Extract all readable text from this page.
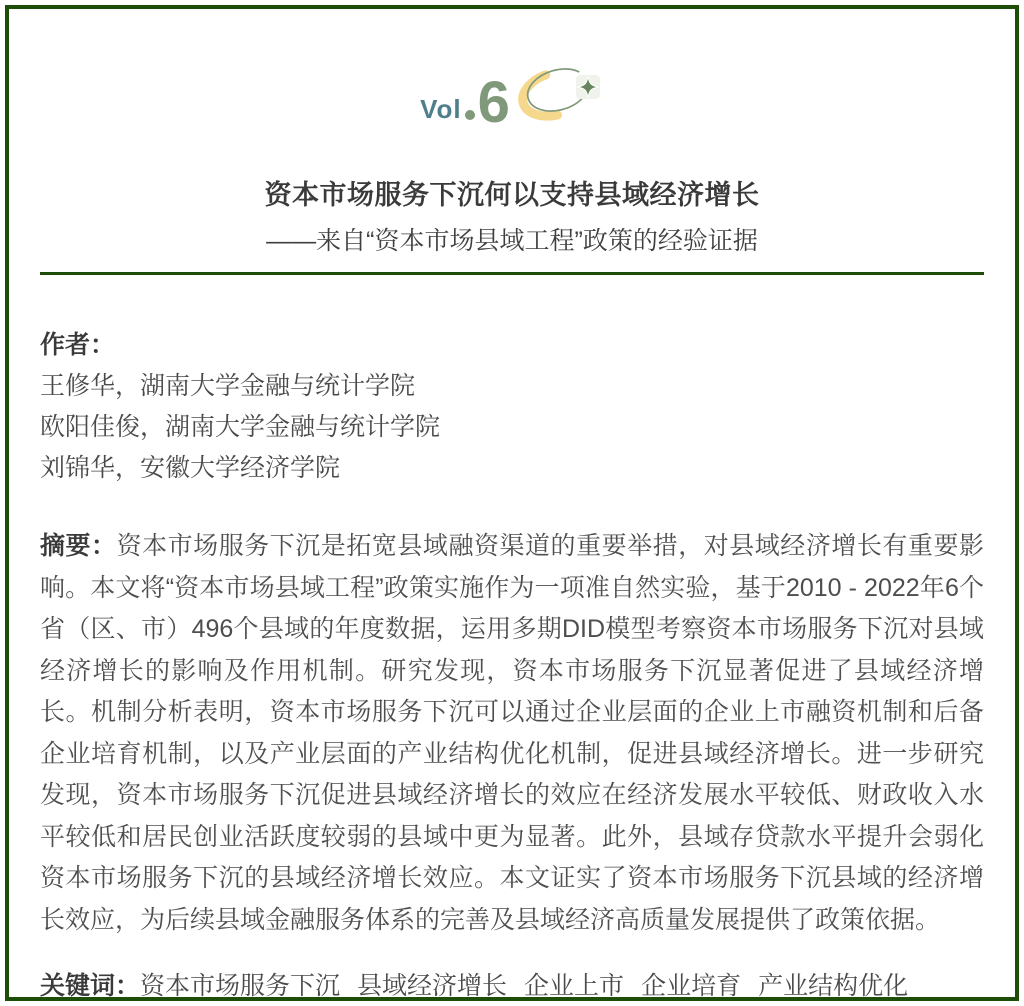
Vol 6
资本市场服务下沉何以支持县域经济增长
——来自“资本市场县域工程”政策的经验证据
作者：
王修华，湖南大学金融与统计学院
欧阳佳俊，湖南大学金融与统计学院
刘锦华，安徽大学经济学院

摘要：资本市场服务下沉是拓宽县域融资渠道的重要举措，对县域经济增长有重要影响。本文将“资本市场县域工程”政策实施作为一项准自然实验，基于2010 - 2022年6个省（区、市）496个县域的年度数据，运用多期DID模型考察资本市场服务下沉对县域经济增长的影响及作用机制。研究发现，资本市场服务下沉显著促进了县域经济增长。机制分析表明，资本市场服务下沉可以通过企业层面的企业上市融资机制和后备企业培育机制，以及产业层面的产业结构优化机制，促进县域经济增长。进一步研究发现，资本市场服务下沉促进县域经济增长的效应在经济发展水平较低、财政收入水平较低和居民创业活跃度较弱的县域中更为显著。此外，县域存贷款水平提升会弱化资本市场服务下沉的县域经济增长效应。本文证实了资本市场服务下沉县域的经济增长效应，为后续县域金融服务体系的完善及县域经济高质量发展提供了政策依据。

关键词：资本市场服务下沉 县域经济增长 企业上市 企业培育 产业结构优化
